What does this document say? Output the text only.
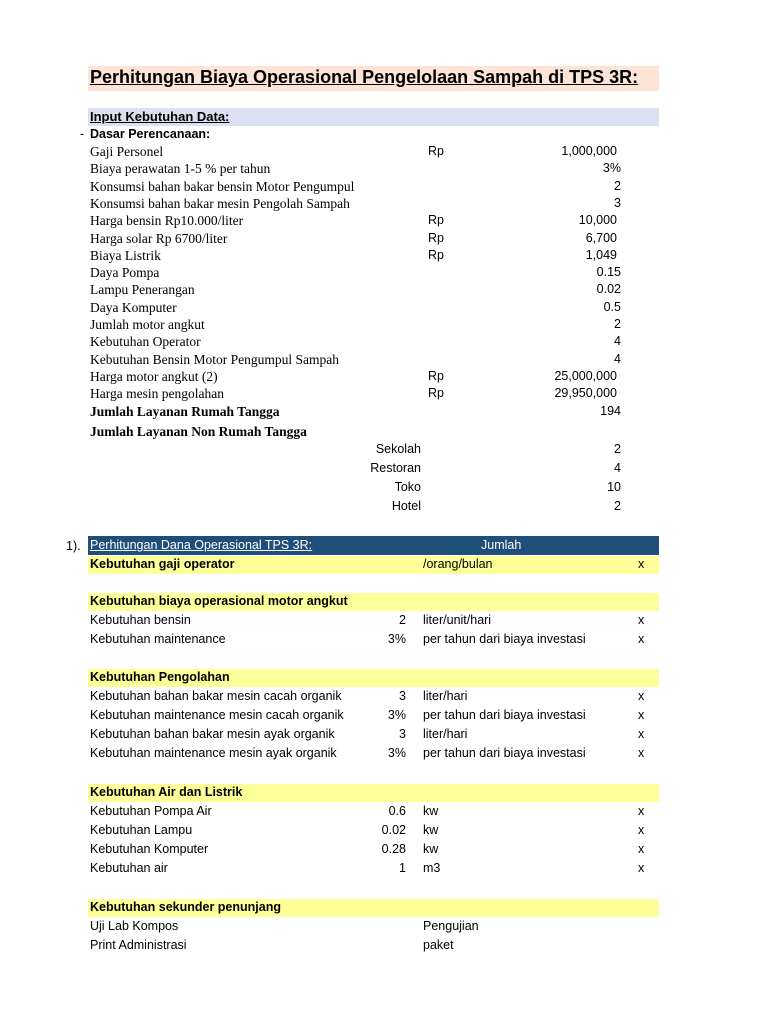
Perhitungan Biaya Operasional Pengelolaan Sampah di TPS 3R:
Input Kebutuhan Data:
- Dasar Perencanaan:
Gaji Personel	Rp	1,000,000
Biaya perawatan 1-5 % per tahun	3%
Konsumsi bahan bakar bensin Motor Pengumpul	2
Konsumsi bahan bakar mesin Pengolah Sampah	3
Harga bensin Rp10.000/liter	Rp	10,000
Harga solar Rp 6700/liter	Rp	6,700
Biaya Listrik	Rp	1,049
Daya Pompa	0.15
Lampu Penerangan	0.02
Daya Komputer	0.5
Jumlah motor angkut	2
Kebutuhan Operator	4
Kebutuhan Bensin Motor Pengumpul Sampah	4
Harga motor angkut (2)	Rp	25,000,000
Harga mesin pengolahan	Rp	29,950,000
Jumlah Layanan Rumah Tangga	194
Jumlah Layanan Non Rumah Tangga
Sekolah	2
Restoran	4
Toko	10
Hotel	2
1). Perhitungan Dana Operasional TPS 3R:	Jumlah
Kebutuhan gaji operator	/orang/bulan	x
Kebutuhan biaya operasional motor angkut
Kebutuhan bensin	2 liter/unit/hari	x
Kebutuhan maintenance	3% per tahun dari biaya investasi	x
Kebutuhan Pengolahan
Kebutuhan bahan bakar mesin cacah organik	3 liter/hari	x
Kebutuhan maintenance mesin cacah organik	3% per tahun dari biaya investasi	x
Kebutuhan bahan bakar mesin ayak organik	3 liter/hari	x
Kebutuhan maintenance mesin ayak organik	3% per tahun dari biaya investasi	x
Kebutuhan Air dan Listrik
Kebutuhan Pompa Air	0.6 kw	x
Kebutuhan Lampu	0.02 kw	x
Kebutuhan Komputer	0.28 kw	x
Kebutuhan air	1 m3	x
Kebutuhan sekunder penunjang
Uji Lab Kompos	Pengujian
Print Administrasi	paket
